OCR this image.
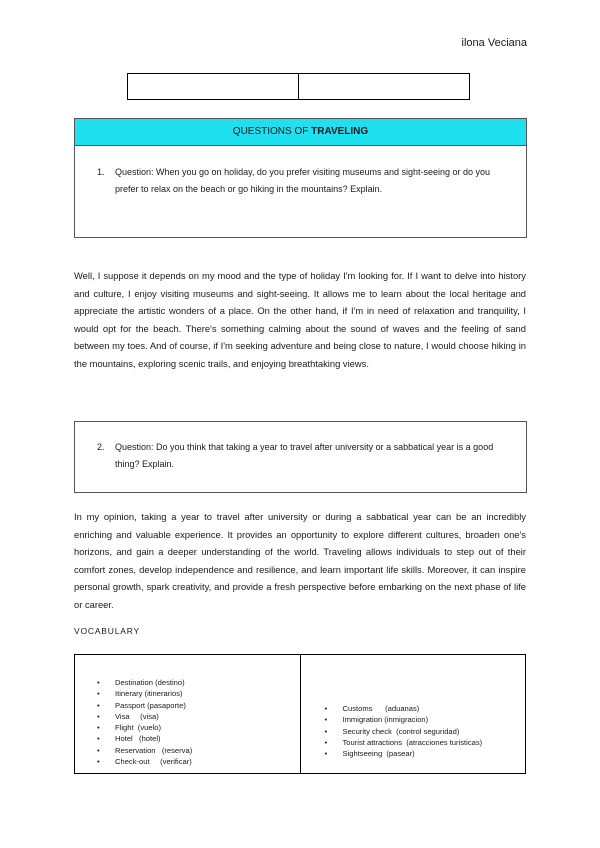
ilona Veciana
QUESTIONS OF TRAVELING
1. Question: When you go on holiday, do you prefer visiting museums and sight-seeing or do you prefer to relax on the beach or go hiking in the mountains? Explain.
Well, I suppose it depends on my mood and the type of holiday I'm looking for. If I want to delve into history and culture, I enjoy visiting museums and sight-seeing. It allows me to learn about the local heritage and appreciate the artistic wonders of a place. On the other hand, if I'm in need of relaxation and tranquility, I would opt for the beach. There's something calming about the sound of waves and the feeling of sand between my toes. And of course, if I'm seeking adventure and being close to nature, I would choose hiking in the mountains, exploring scenic trails, and enjoying breathtaking views.
2. Question: Do you think that taking a year to travel after university or a sabbatical year is a good thing? Explain.
In my opinion, taking a year to travel after university or during a sabbatical year can be an incredibly enriching and valuable experience. It provides an opportunity to explore different cultures, broaden one's horizons, and gain a deeper understanding of the world. Traveling allows individuals to step out of their comfort zones, develop independence and resilience, and learn important life skills. Moreover, it can inspire personal growth, spark creativity, and provide a fresh perspective before embarking on the next phase of life or career.
VOCABULARY
• Destination (destino)
• Itinerary (itinerarios)
• Passport (pasaporte)
• Visa     (visa)
• Flight  (vuelo)
• Hotel   (hotel)
• Reservation   (reserva)
• Check-out     (verificar)
• Customs      (aduanas)
• Immigration (inmigracion)
• Security check  (control seguridad)
• Tourist attractions  (atracciones turisticas)
• Sightseeing  (pasear)
